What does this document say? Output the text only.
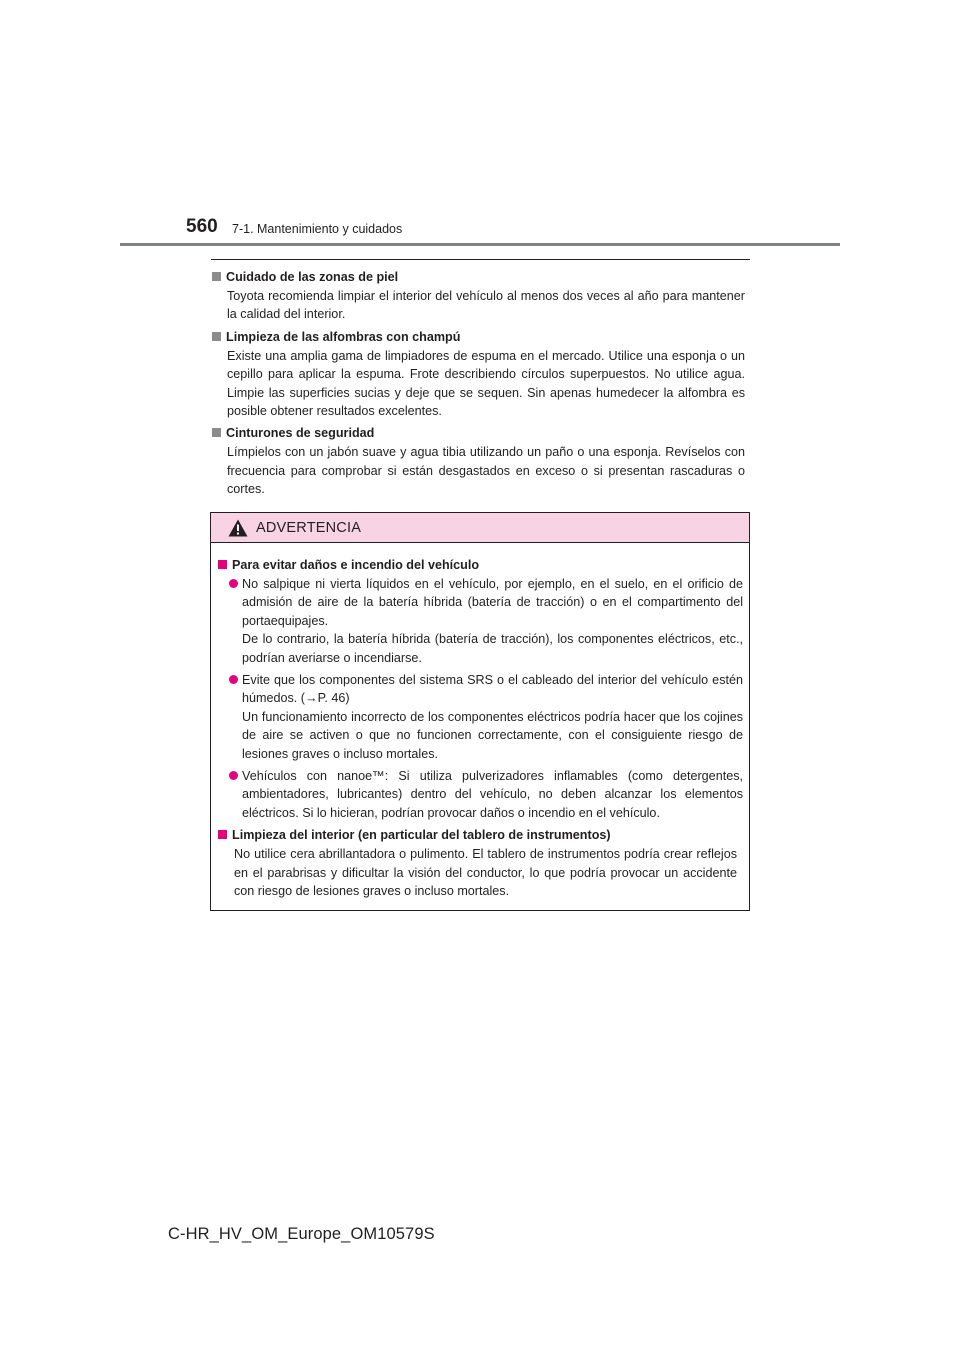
560 7-1. Mantenimiento y cuidados
Cuidado de las zonas de piel

Toyota recomienda limpiar el interior del vehículo al menos dos veces al año para mantener la calidad del interior.

Limpieza de las alfombras con champú

Existe una amplia gama de limpiadores de espuma en el mercado. Utilice una esponja o un cepillo para aplicar la espuma. Frote describiendo círculos superpuestos. No utilice agua. Limpie las superficies sucias y deje que se sequen. Sin apenas humedecer la alfombra es posible obtener resultados excelentes.

Cinturones de seguridad

Límpielos con un jabón suave y agua tibia utilizando un paño o una esponja. Revíselos con frecuencia para comprobar si están desgastados en exceso o si presentan rascaduras o cortes.

ADVERTENCIA
Para evitar daños e incendio del vehículo
No salpique ni vierta líquidos en el vehículo, por ejemplo, en el suelo, en el orificio de admisión de aire de la batería híbrida (batería de tracción) o en el compartimento del portaequipajes.
De lo contrario, la batería híbrida (batería de tracción), los componentes eléctricos, etc., podrían averiarse o incendiarse.
Evite que los componentes del sistema SRS o el cableado del interior del vehículo estén húmedos. (→P. 46)
Un funcionamiento incorrecto de los componentes eléctricos podría hacer que los cojines de aire se activen o que no funcionen correctamente, con el consiguiente riesgo de lesiones graves o incluso mortales.
Vehículos con nanoe™: Si utiliza pulverizadores inflamables (como detergentes, ambientadores, lubricantes) dentro del vehículo, no deben alcanzar los elementos eléctricos. Si lo hicieran, podrían provocar daños o incendio en el vehículo.
Limpieza del interior (en particular del tablero de instrumentos)

No utilice cera abrillantadora o pulimento. El tablero de instrumentos podría crear reflejos en el parabrisas y dificultar la visión del conductor, lo que podría provocar un accidente con riesgo de lesiones graves o incluso mortales.

C-HR_HV_OM_Europe_OM10579S
